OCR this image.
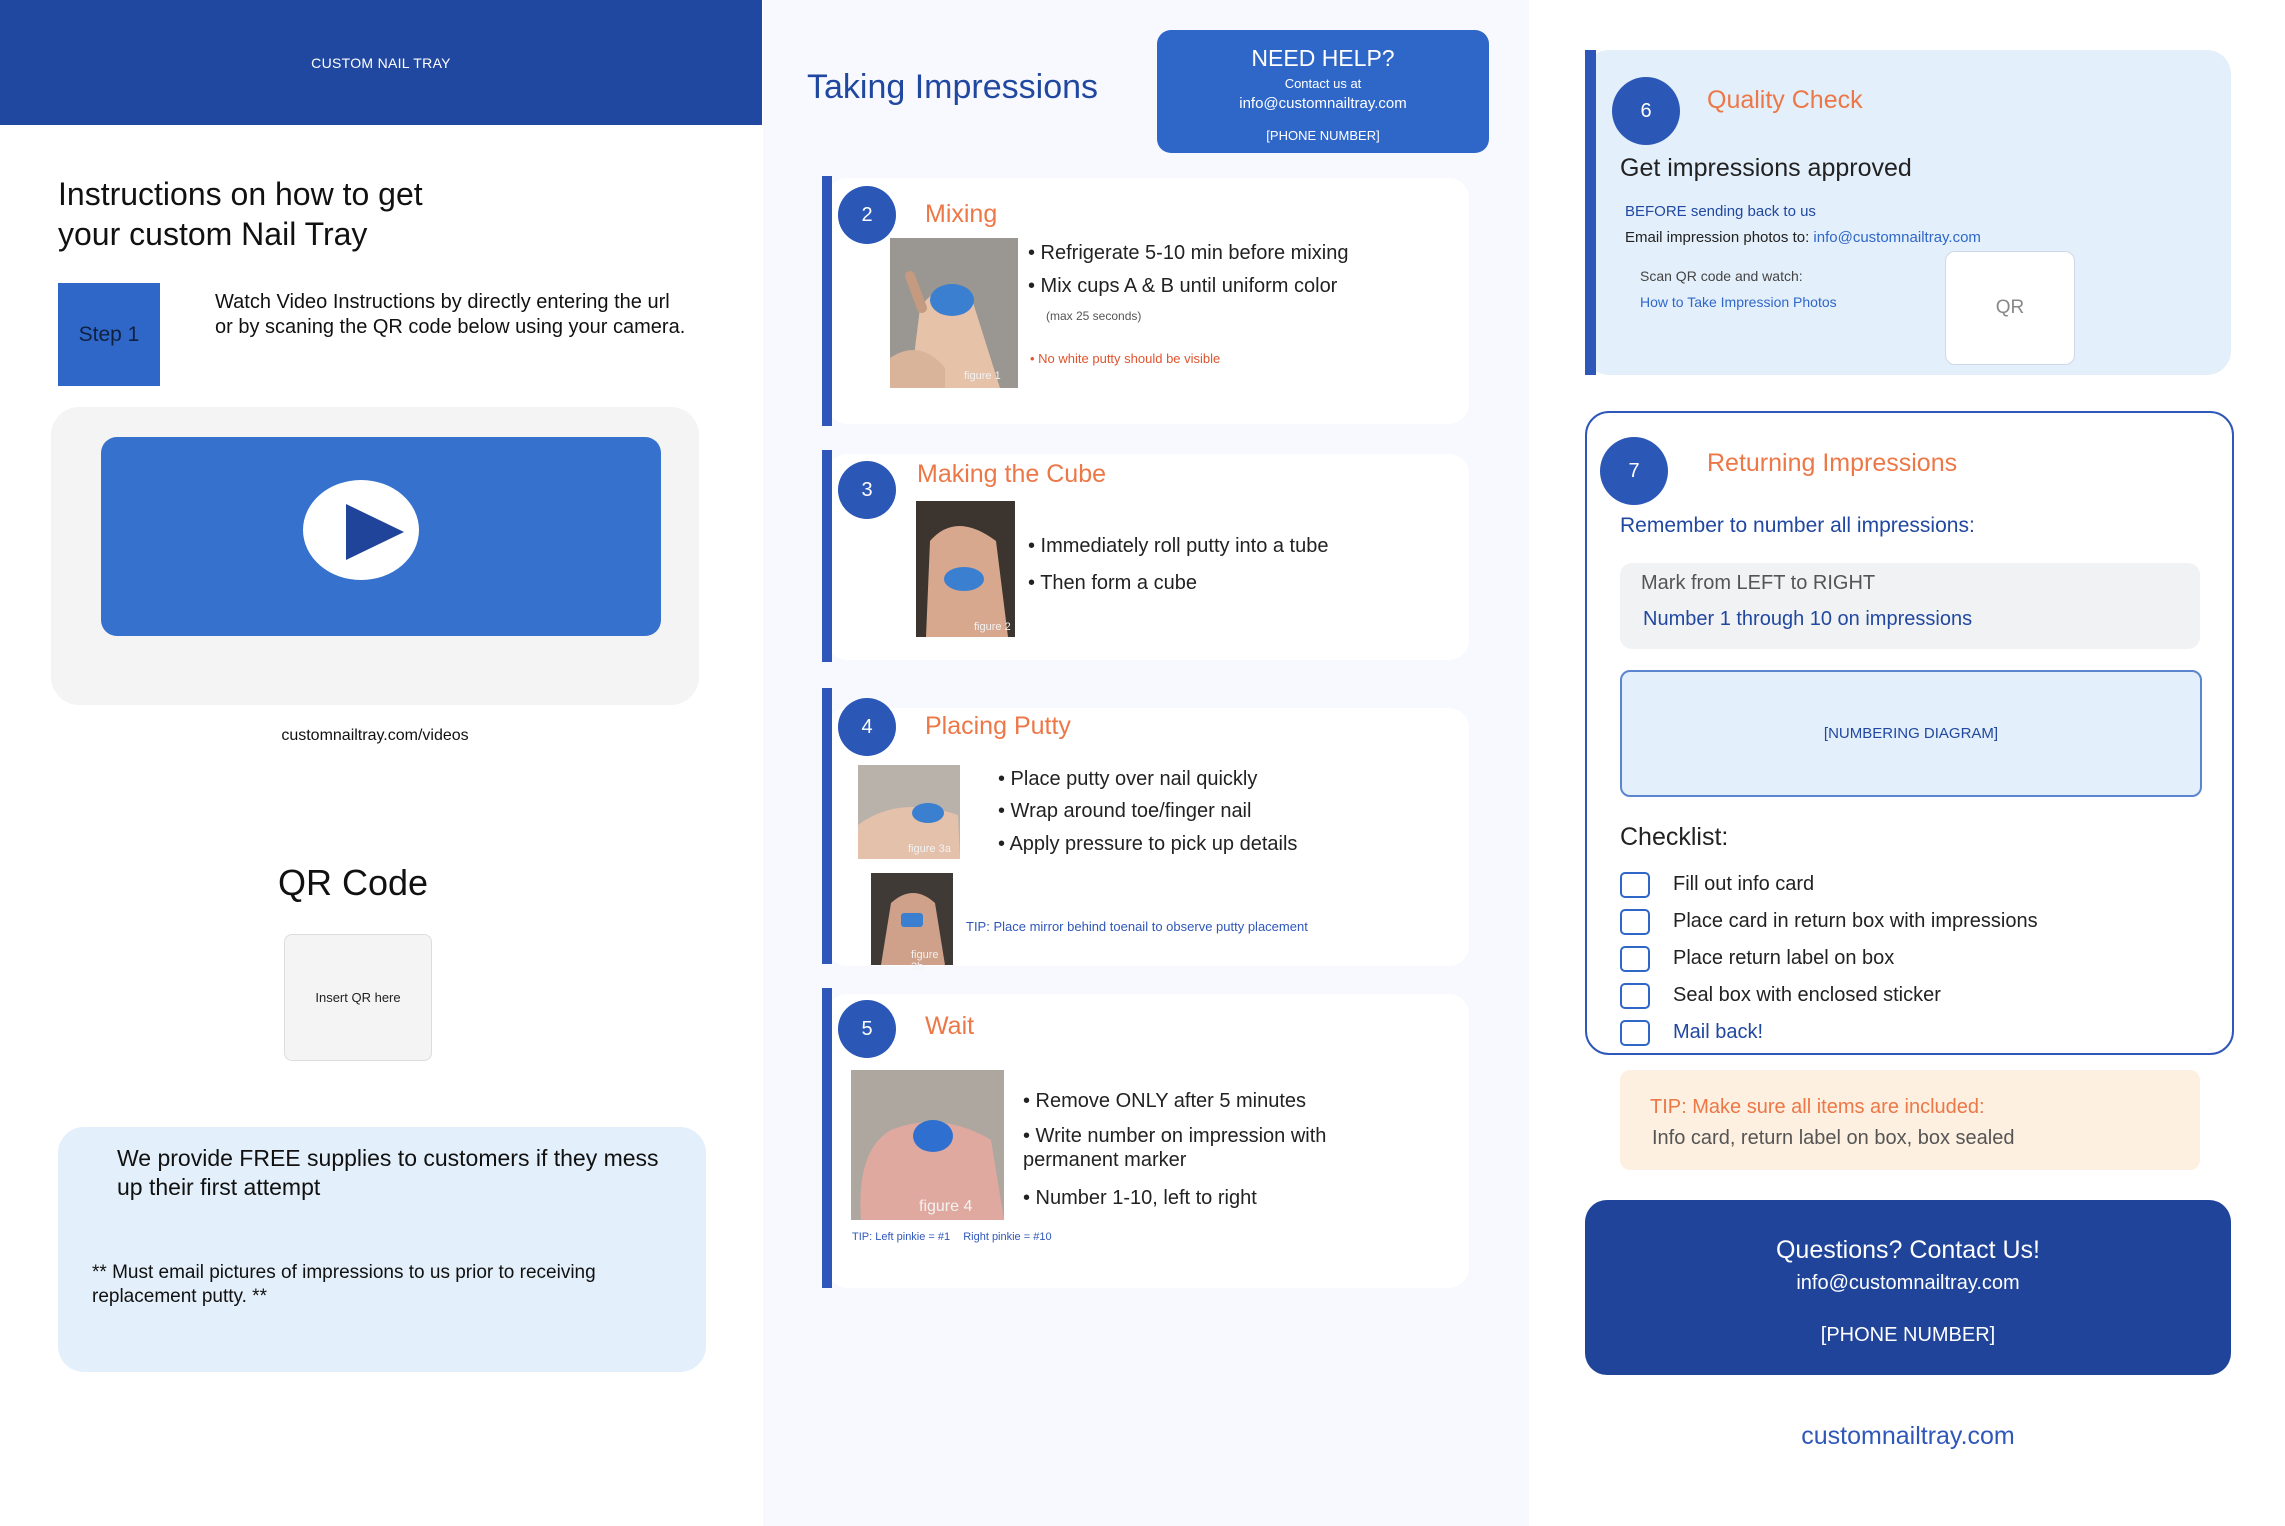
CUSTOM NAIL TRAY
Instructions on how to get
your custom Nail Tray
Step 1
Watch Video Instructions by directly entering the url
or by scaning the QR code below using your camera.
customnailtray.com/videos
QR Code
Insert QR here
We provide FREE supplies to customers if they mess up their first attempt
** Must email pictures of impressions to us prior to receiving replacement putty. **
Taking Impressions
NEED HELP?
Contact us at
info@customnailtray.com
[PHONE NUMBER]
2	Mixing
figure 1
• Refrigerate 5-10 min before mixing
• Mix cups A & B until uniform color
(max 25 seconds)
• No white putty should be visible
3
Making the Cube
figure 2
• Immediately roll putty into a tube
• Then form a cube
4	Placing Putty
figure 3a
figure 3b
• Place putty over nail quickly
• Wrap around toe/finger nail
• Apply pressure to pick up details
TIP: Place mirror behind toenail to observe putty placement
5	Wait
figure 4
• Remove ONLY after 5 minutes
• Write number on impression with
permanent marker
• Number 1-10, left to right
TIP: Left pinkie = #1 Right pinkie = #10
6	Quality Check
Get impressions approved
BEFORE sending back to us
Email impression photos to: info@customnailtray.com
Scan QR code and watch:
How to Take Impression Photos	QR
7	Returning Impressions
Remember to number all impressions:
Mark from LEFT to RIGHT
Number 1 through 10 on impressions
[NUMBERING DIAGRAM]
Checklist:
Fill out info card
Place card in return box with impressions
Place return label on box
Seal box with enclosed sticker
Mail back!
TIP: Make sure all items are included:
Info card, return label on box, box sealed
Questions? Contact Us!
info@customnailtray.com
[PHONE NUMBER]
customnailtray.com
